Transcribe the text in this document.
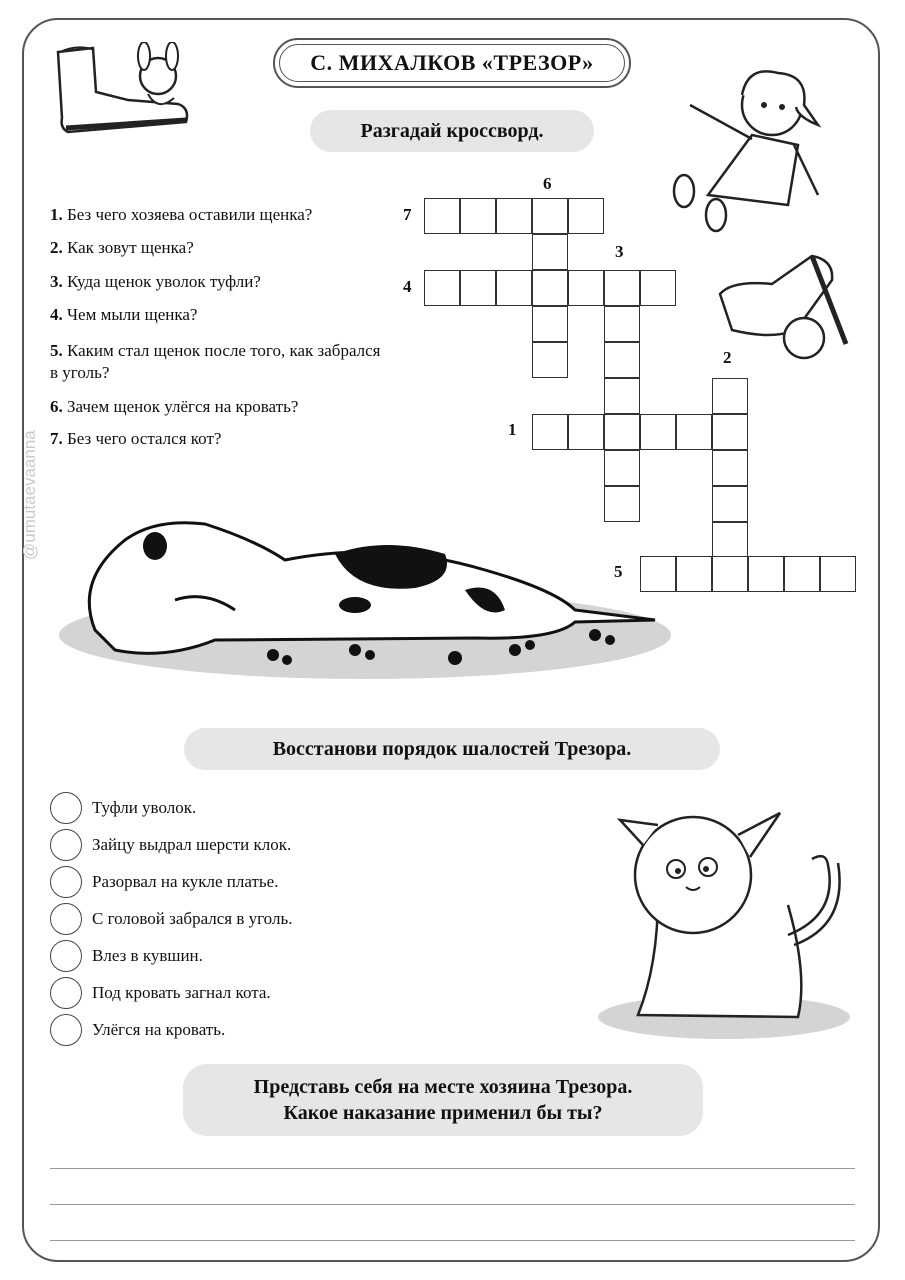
С. МИХАЛКОВ «ТРЕЗОР»
Разгадай кроссворд.
1. Без чего хозяева оставили щенка?
2. Как зовут щенка?
3. Куда щенок уволок туфли?
4. Чем мыли щенка?
5. Каким стал щенок после того, как забрался
в уголь?
6. Зачем щенок улёгся на кровать?
7. Без чего остался кот?
6
7
3
4
2
1
5
@umutaevaanna
Восстанови порядок шалостей Трезора.
Туфли уволок.
Зайцу выдрал шерсти клок.
Разорвал на кукле платье.
С головой забрался в уголь.
Влез в кувшин.
Под кровать загнал кота.
Улёгся на кровать.
Представь себя на месте хозяина Трезора.
Какое наказание применил бы ты?
